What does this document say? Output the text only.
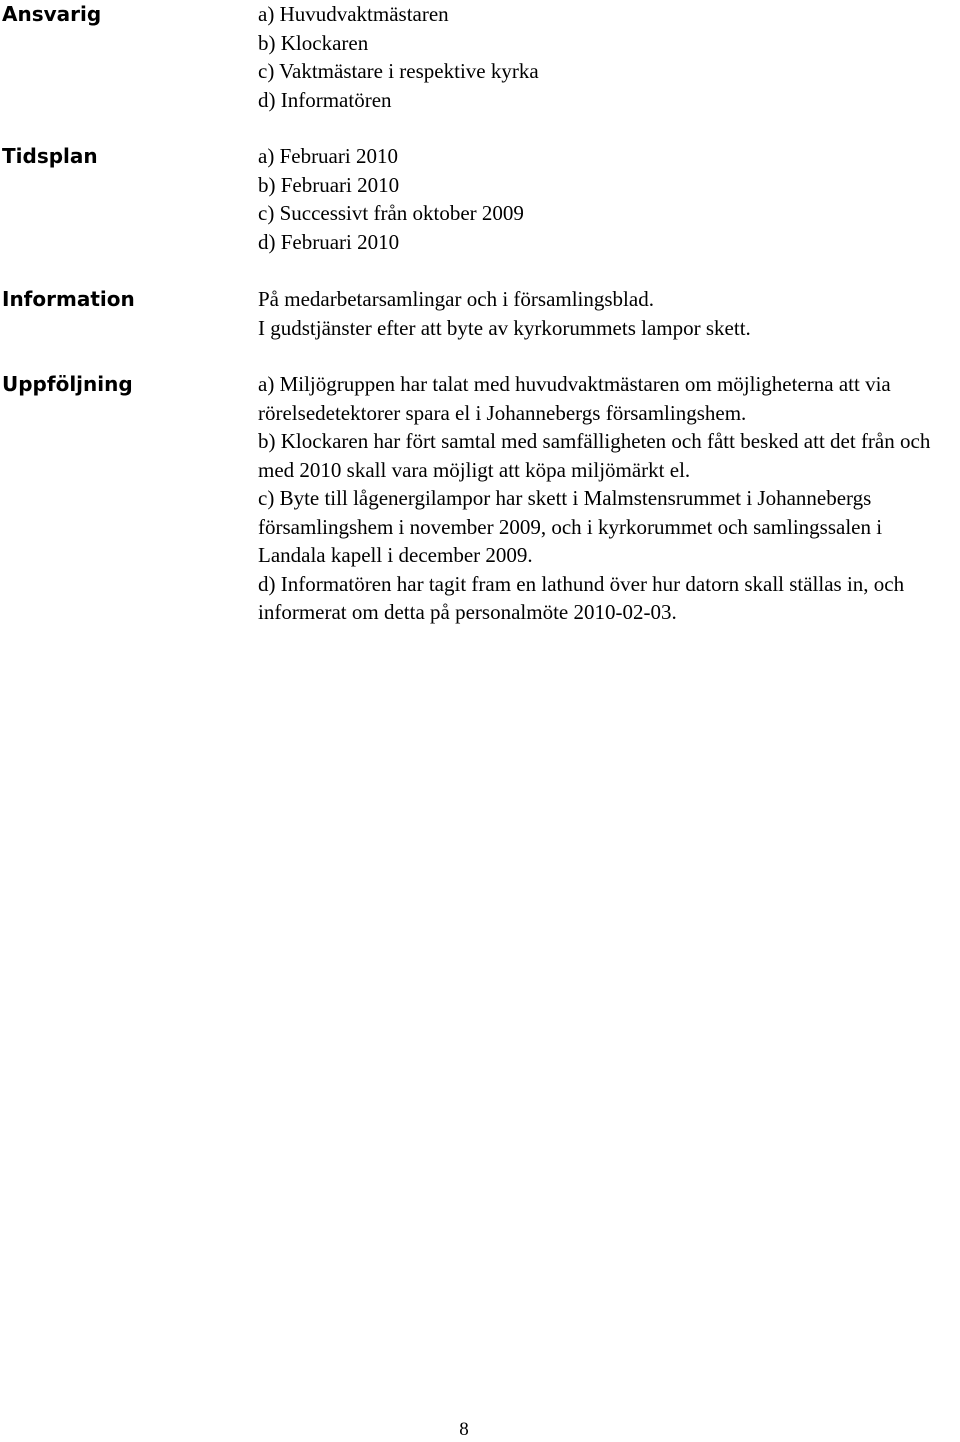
Ansvarig	a) Huvudvaktmästaren
b) Klockaren
c) Vaktmästare i respektive kyrka
d) Informatören
Tidsplan	a) Februari 2010
b) Februari 2010
c) Successivt från oktober 2009
d) Februari 2010
Information	På medarbetarsamlingar och i församlingsblad.
I gudstjänster efter att byte av kyrkorummets lampor skett.
Uppföljning	a) Miljögruppen har talat med huvudvaktmästaren om möjligheterna att via rörelsedetektorer spara el i Johannebergs församlingshem.
b) Klockaren har fört samtal med samfälligheten och fått besked att det från och med 2010 skall vara möjligt att köpa miljömärkt el.
c) Byte till lågenergilampor har skett i Malmstensrummet i Johannebergs församlingshem i november 2009, och i kyrkorummet och samlingssalen i Landala kapell i december 2009.
d) Informatören har tagit fram en lathund över hur datorn skall ställas in, och informerat om detta på personalmöte 2010-02-03.
8
